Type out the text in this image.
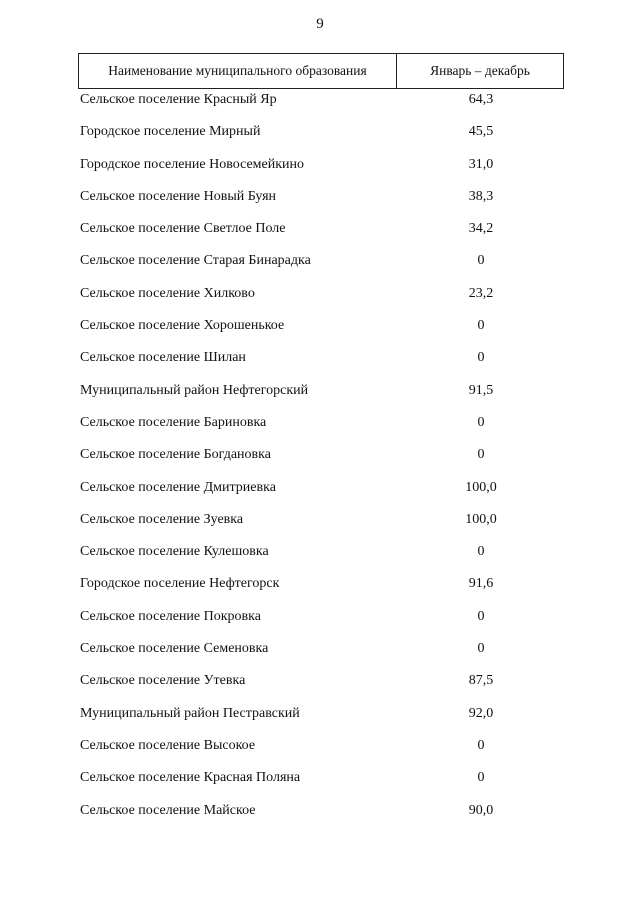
9
Наименование муниципального образования	Январь – декабрь
Сельское поселение Красный Яр	64,3
Городское поселение Мирный	45,5
Городское поселение Новосемейкино	31,0
Сельское поселение Новый Буян	38,3
Сельское поселение Светлое Поле	34,2
Сельское поселение Старая Бинарадка	0
Сельское поселение Хилково	23,2
Сельское поселение Хорошенькое	0
Сельское поселение Шилан	0
Муниципальный район Нефтегорский	91,5
Сельское поселение Бариновка	0
Сельское поселение Богдановка	0
Сельское поселение Дмитриевка	100,0
Сельское поселение Зуевка	100,0
Сельское поселение Кулешовка	0
Городское поселение Нефтегорск	91,6
Сельское поселение Покровка	0
Сельское поселение Семеновка	0
Сельское поселение Утевка	87,5
Муниципальный район Пестравский	92,0
Сельское поселение Высокое	0
Сельское поселение Красная Поляна	0
Сельское поселение Майское	90,0
